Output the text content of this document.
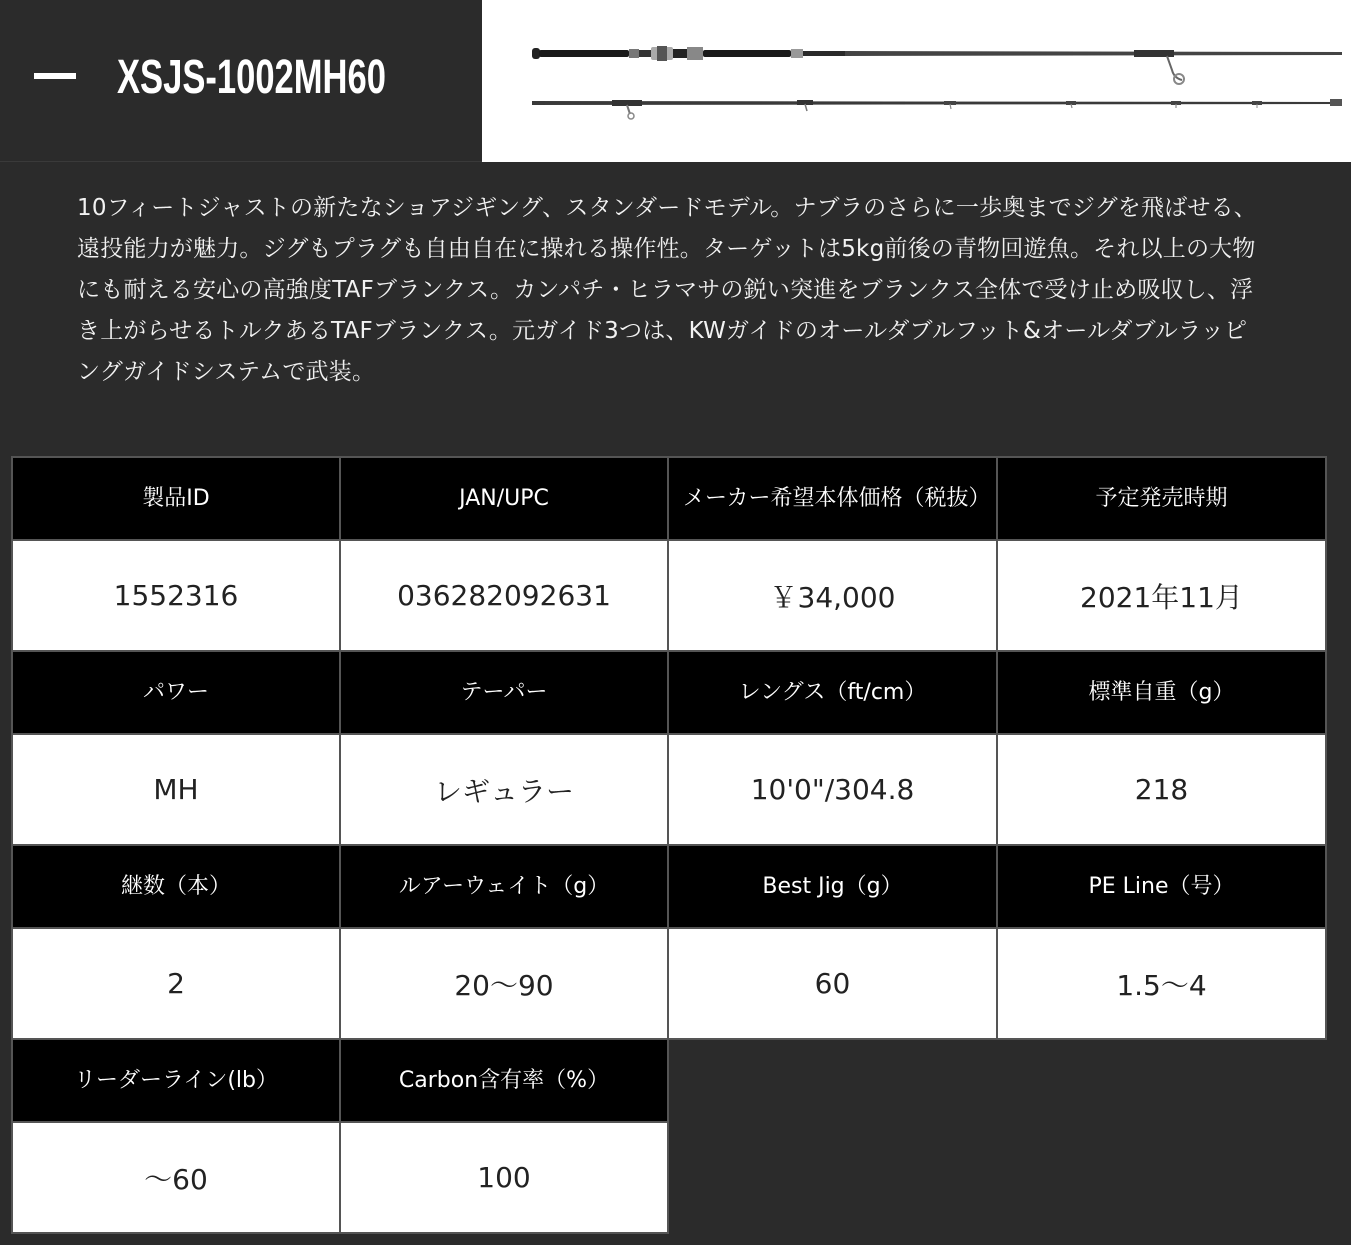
XSJS-1002MH60
10フィートジャストの新たなショアジギング、スタンダードモデル。ナブラのさらに一歩奥までジグを飛ばせる、遠投能力が魅力。ジグもプラグも自由自在に操れる操作性。ターゲットは5kg前後の青物回遊魚。それ以上の大物にも耐える安心の高強度TAFブランクス。カンパチ・ヒラマサの鋭い突進をブランクス全体で受け止め吸収し、浮き上がらせるトルクあるTAFブランクス。元ガイド3つは、KWガイドのオールダブルフット&オールダブルラッピングガイドシステムで武装。
製品ID	JAN/UPC	メーカー希望本体価格（税抜）	予定発売時期
1552316	036282092631	￥34,000	2021年11月
パワー	テーパー	レングス（ft/cm）	標準自重（g）
MH	レギュラー	10'0"/304.8	218
継数（本）	ルアーウェイト（g）	Best Jig（g）	PE Line（号）
2	20〜90	60	1.5〜4
リーダーライン(lb）	Carbon含有率（%）		
〜60	100		
